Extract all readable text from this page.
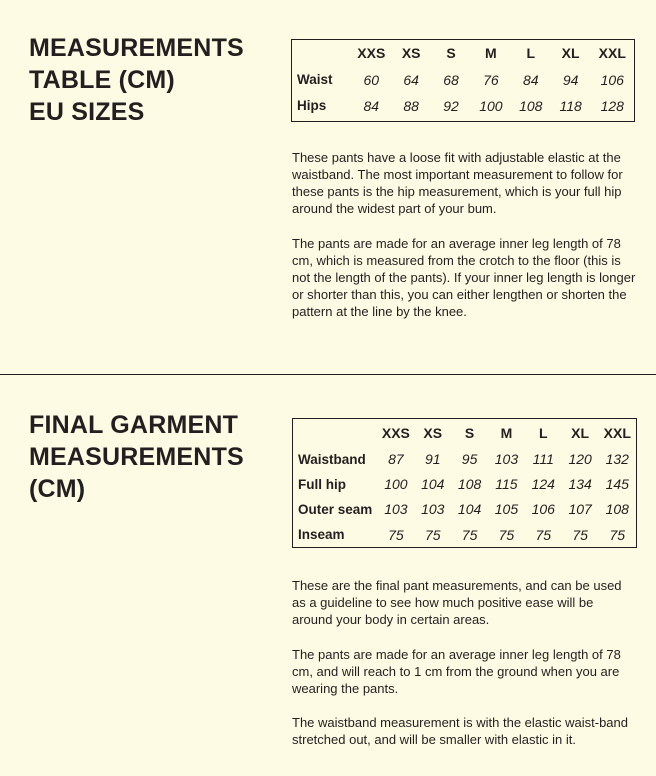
MEASUREMENTS
TABLE (CM)
EU SIZES
	XXS	XS	S	M	L	XL	XXL
Waist	60	64	68	76	84	94	106
Hips	84	88	92	100	108	118	128

These pants have a loose fit with adjustable elastic at the waistband. The most important measurement to follow for these pants is the hip measurement, which is your full hip around the widest part of your bum.

The pants are made for an average inner leg length of 78 cm, which is measured from the crotch to the floor (this is not the length of the pants). If your inner leg length is longer or shorter than this, you can either lengthen or shorten the pattern at the line by the knee.

FINAL GARMENT
MEASUREMENTS
(CM)
	XXS	XS	S	M	L	XL	XXL
Waistband	87	91	95	103	111	120	132
Full hip	100	104	108	115	124	134	145
Outer seam	103	103	104	105	106	107	108
Inseam	75	75	75	75	75	75	75

These are the final pant measurements, and can be used as a guideline to see how much positive ease will be around your body in certain areas.

The pants are made for an average inner leg length of 78 cm, and will reach to 1 cm from the ground when you are wearing the pants.

The waistband measurement is with the elastic waist-band stretched out, and will be smaller with elastic in it.
